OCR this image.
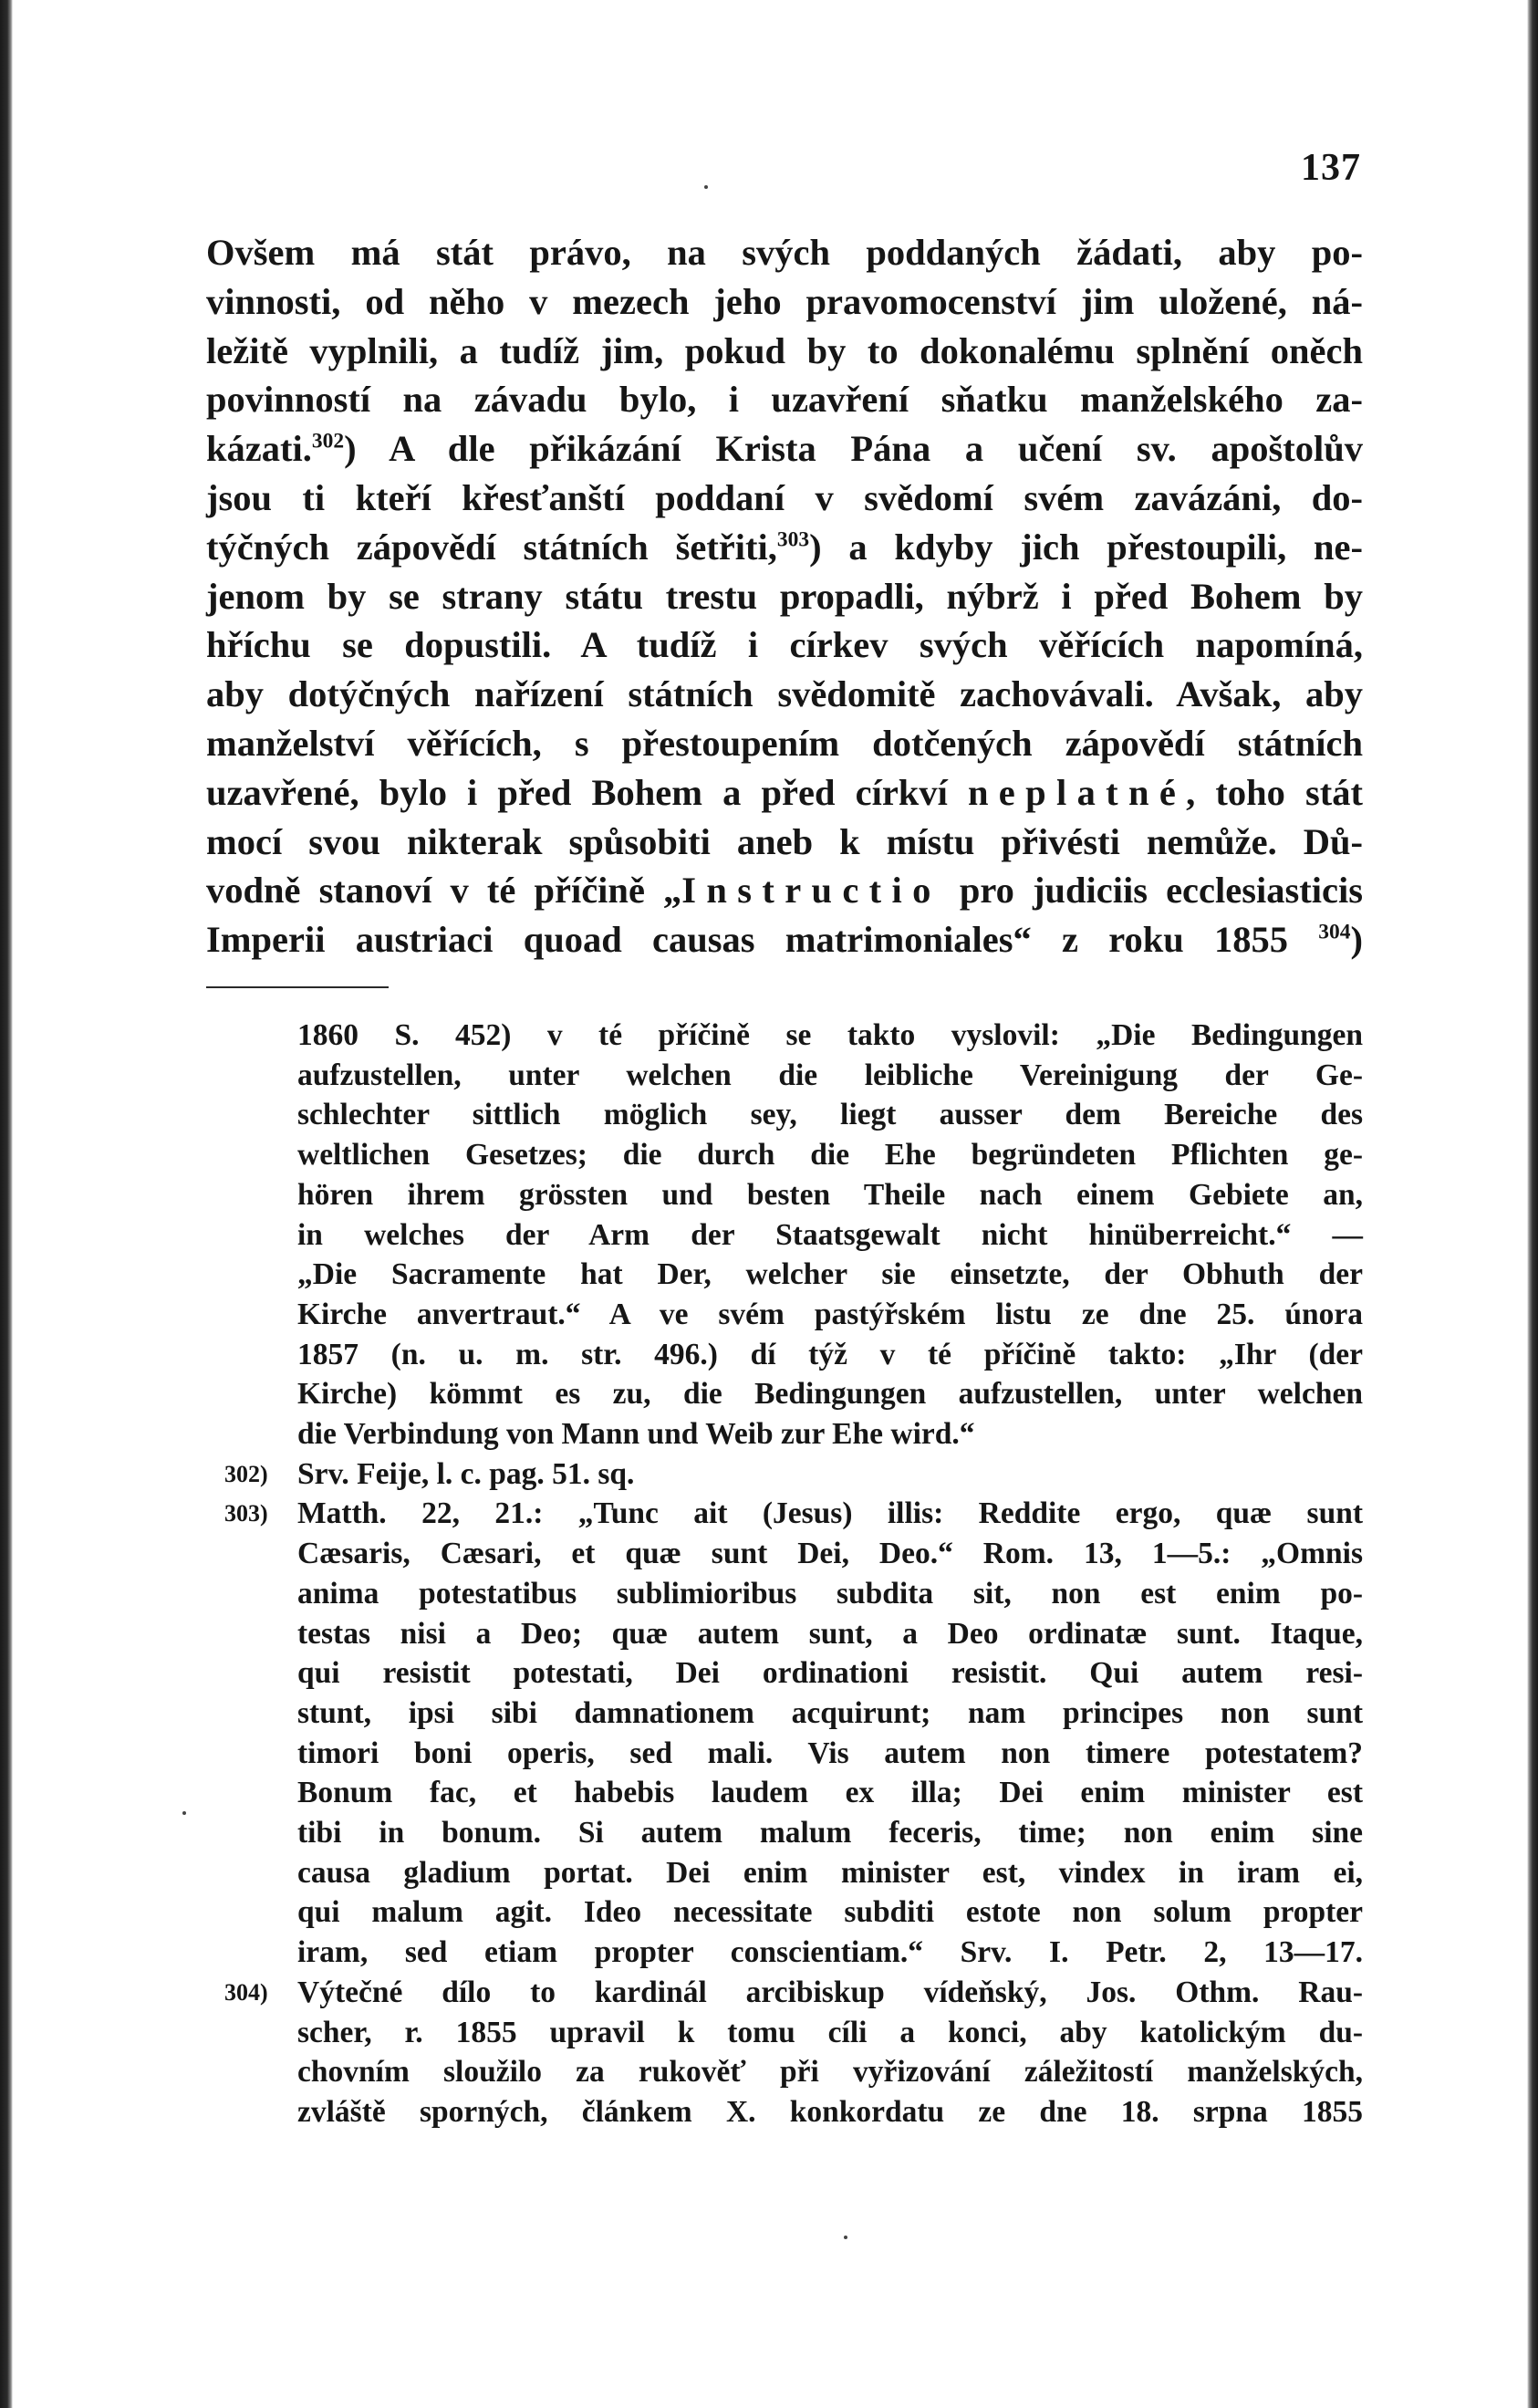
137
Ovšem má stát právo, na svých poddaných žádati, aby po-
vinnosti, od něho v mezech jeho pravomocenství jim uložené, ná-
ležitě vyplnili, a tudíž jim, pokud by to dokonalému splnění oněch
povinností na závadu bylo, i uzavření sňatku manželského za-
kázati.$^{302}$) A dle přikázání Krista Pána a učení sv. apoštolův
jsou ti kteří křesťanští poddaní v svědomí svém zavázáni, do-
týčných zápovědí státních šetřiti,$^{303}$) a kdyby jich přestoupili, ne-
jenom by se strany státu trestu propadli, nýbrž i před Bohem by
hříchu se dopustili. A tudíž i církev svých věřících napomíná,
aby dotýčných nařízení státních svědomitě zachovávali. Avšak, aby
manželství věřících, s přestoupením dotčených zápovědí státních
uzavřené, bylo i před Bohem a před církví neplatné, toho stát
mocí svou nikterak spůsobiti aneb k místu přivésti nemůže. Dů-
vodně stanoví v té příčině „Instructio pro judiciis ecclesiasticis
Imperii austriaci quoad causas matrimoniales“ z roku 1855 $^{304}$)
1860 S. 452) v té příčině se takto vyslovil: „Die Bedingungen
aufzustellen, unter welchen die leibliche Vereinigung der Ge-
schlechter sittlich möglich sey, liegt ausser dem Bereiche des
weltlichen Gesetzes; die durch die Ehe begründeten Pflichten ge-
hören ihrem grössten und besten Theile nach einem Gebiete an,
in welches der Arm der Staatsgewalt nicht hinüberreicht.“ —
„Die Sacramente hat Der, welcher sie einsetzte, der Obhuth der
Kirche anvertraut.“ A ve svém pastýřském listu ze dne 25. února
1857 (n. u. m. str. 496.) dí týž v té příčině takto: „Ihr (der
Kirche) kömmt es zu, die Bedingungen aufzustellen, unter welchen
die Verbindung von Mann und Weib zur Ehe wird.“
302) Srv. Feije, l. c. pag. 51. sq.
303) Matth. 22, 21.: „Tunc ait (Jesus) illis: Reddite ergo, quæ sunt
Cæsaris, Cæsari, et quæ sunt Dei, Deo.“ Rom. 13, 1—5.: „Omnis
anima potestatibus sublimioribus subdita sit, non est enim po-
testas nisi a Deo; quæ autem sunt, a Deo ordinatæ sunt. Itaque,
qui resistit potestati, Dei ordinationi resistit. Qui autem resi-
stunt, ipsi sibi damnationem acquirunt; nam principes non sunt
timori boni operis, sed mali. Vis autem non timere potestatem?
Bonum fac, et habebis laudem ex illa; Dei enim minister est
tibi in bonum. Si autem malum feceris, time; non enim sine
causa gladium portat. Dei enim minister est, vindex in iram ei,
qui malum agit. Ideo necessitate subditi estote non solum propter
iram, sed etiam propter conscientiam.“ Srv. I. Petr. 2, 13—17.
304) Výtečné dílo to kardinál arcibiskup vídeňský, Jos. Othm. Rau-
scher, r. 1855 upravil k tomu cíli a konci, aby katolickým du-
chovním sloužilo za rukověť při vyřizování záležitostí manželských,
zvláště sporných, článkem X. konkordatu ze dne 18. srpna 1855
